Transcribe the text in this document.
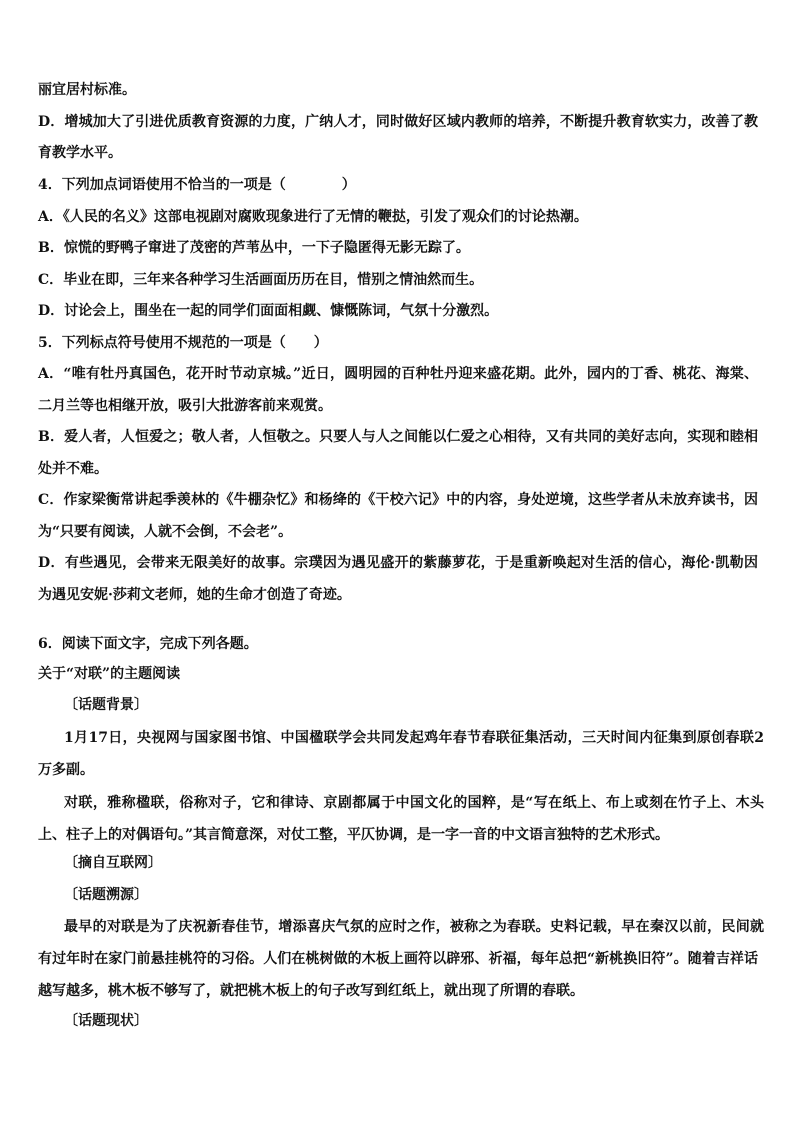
丽宜居村标准。
D．增城加大了引进优质教育资源的力度，广纳人才，同时做好区域内教师的培养，不断提升教育软实力，改善了教
育教学水平。
4．下列加点词语使用不恰当的一项是（　　　　）
A．《人民的名义》这部电视剧对腐败现象进行了无情的鞭挞，引发了观众们的讨论热潮。
B．惊慌的野鸭子窜进了茂密的芦苇丛中，一下子隐匿得无影无踪了。
C．毕业在即，三年来各种学习生活画面历历在目，惜别之情油然而生。
D．讨论会上，围坐在一起的同学们面面相觑、慷慨陈词，气氛十分激烈。
5．下列标点符号使用不规范的一项是（　　）
A．“唯有牡丹真国色，花开时节动京城。”近日，圆明园的百种牡丹迎来盛花期。此外，园内的丁香、桃花、海棠、
二月兰等也相继开放，吸引大批游客前来观赏。
B．爱人者，人恒爱之；敬人者，人恒敬之。只要人与人之间能以仁爱之心相待，又有共同的美好志向，实现和睦相
处并不难。
C．作家梁衡常讲起季羡林的《牛棚杂忆》和杨绛的《干校六记》中的内容，身处逆境，这些学者从未放弃读书，因
为“只要有阅读，人就不会倒，不会老”。
D．有些遇见，会带来无限美好的故事。宗璞因为遇见盛开的紫藤萝花，于是重新唤起对生活的信心，海伦·凯勒因
为遇见安妮·莎莉文老师，她的生命才创造了奇迹。
6．阅读下面文字，完成下列各题。
关于“对联”的主题阅读
〔话题背景〕
1月17日，央视网与国家图书馆、中国楹联学会共同发起鸡年春节春联征集活动，三天时间内征集到原创春联2
万多副。
对联，雅称楹联，俗称对子，它和律诗、京剧都属于中国文化的国粹，是“写在纸上、布上或刻在竹子上、木头
上、柱子上的对偶语句。”其言简意深，对仗工整，平仄协调，是一字一音的中文语言独特的艺术形式。
〔摘自互联网〕
〔话题溯源〕
最早的对联是为了庆祝新春佳节，增添喜庆气氛的应时之作，被称之为春联。史料记载，早在秦汉以前，民间就
有过年时在家门前悬挂桃符的习俗。人们在桃树做的木板上画符以辟邪、祈福，每年总把“新桃换旧符”。随着吉祥话
越写越多，桃木板不够写了，就把桃木板上的句子改写到红纸上，就出现了所谓的春联。
〔话题现状〕
